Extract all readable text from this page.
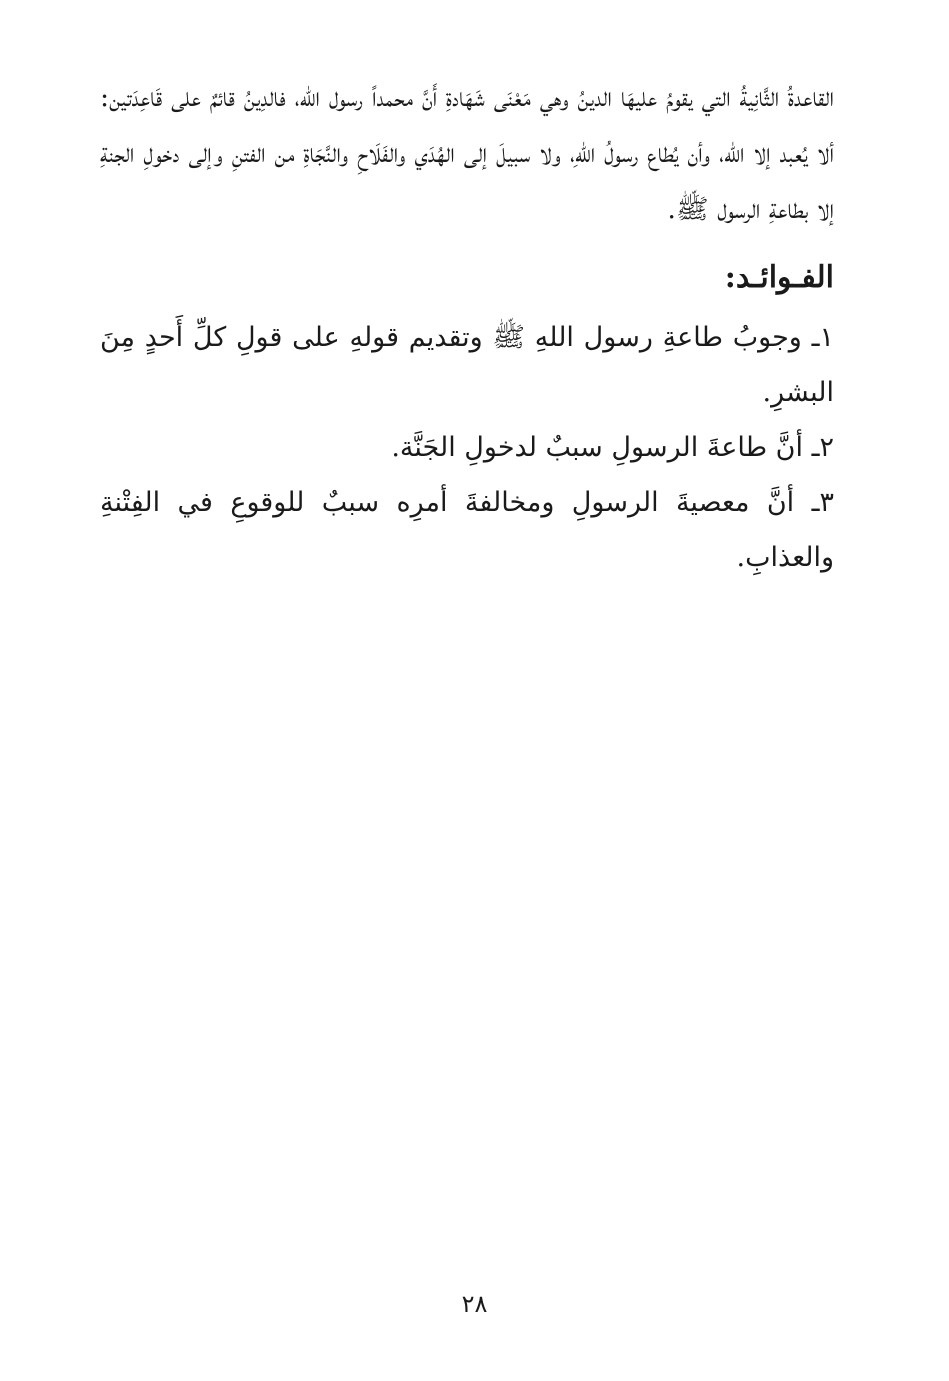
القاعدةُ الثَّانِيةُ التي يقومُ عليهَا الدينُ وهي مَعْنَى شَهَادةِ أَنَّ محمداً رسول الله، فالدِينُ قائمٌ على قَاعِدَتين: ألا يُعبد إلا الله، وأن يُطاع رسولُ اللهِ، ولا سبيلَ إلى الهُدَي والفَلَاحِ والنَّجَاةِ من الفتنِ وإلى دخولِ الجنةِ إلا بطاعةِ الرسول ﷺ.

الفـوائـد:
١ـ وجوبُ طاعةِ رسول اللهِ ﷺ وتقديم قولهِ على قولِ كلِّ أَحدٍ مِنَ البشرِ.
٢ـ أنَّ طاعةَ الرسولِ سببٌ لدخولِ الجَنَّة.
٣ـ أنَّ معصيةَ الرسولِ ومخالفةَ أمرِه سببٌ للوقوعِ في الفِتْنةِ والعذابِ.
٢٨
